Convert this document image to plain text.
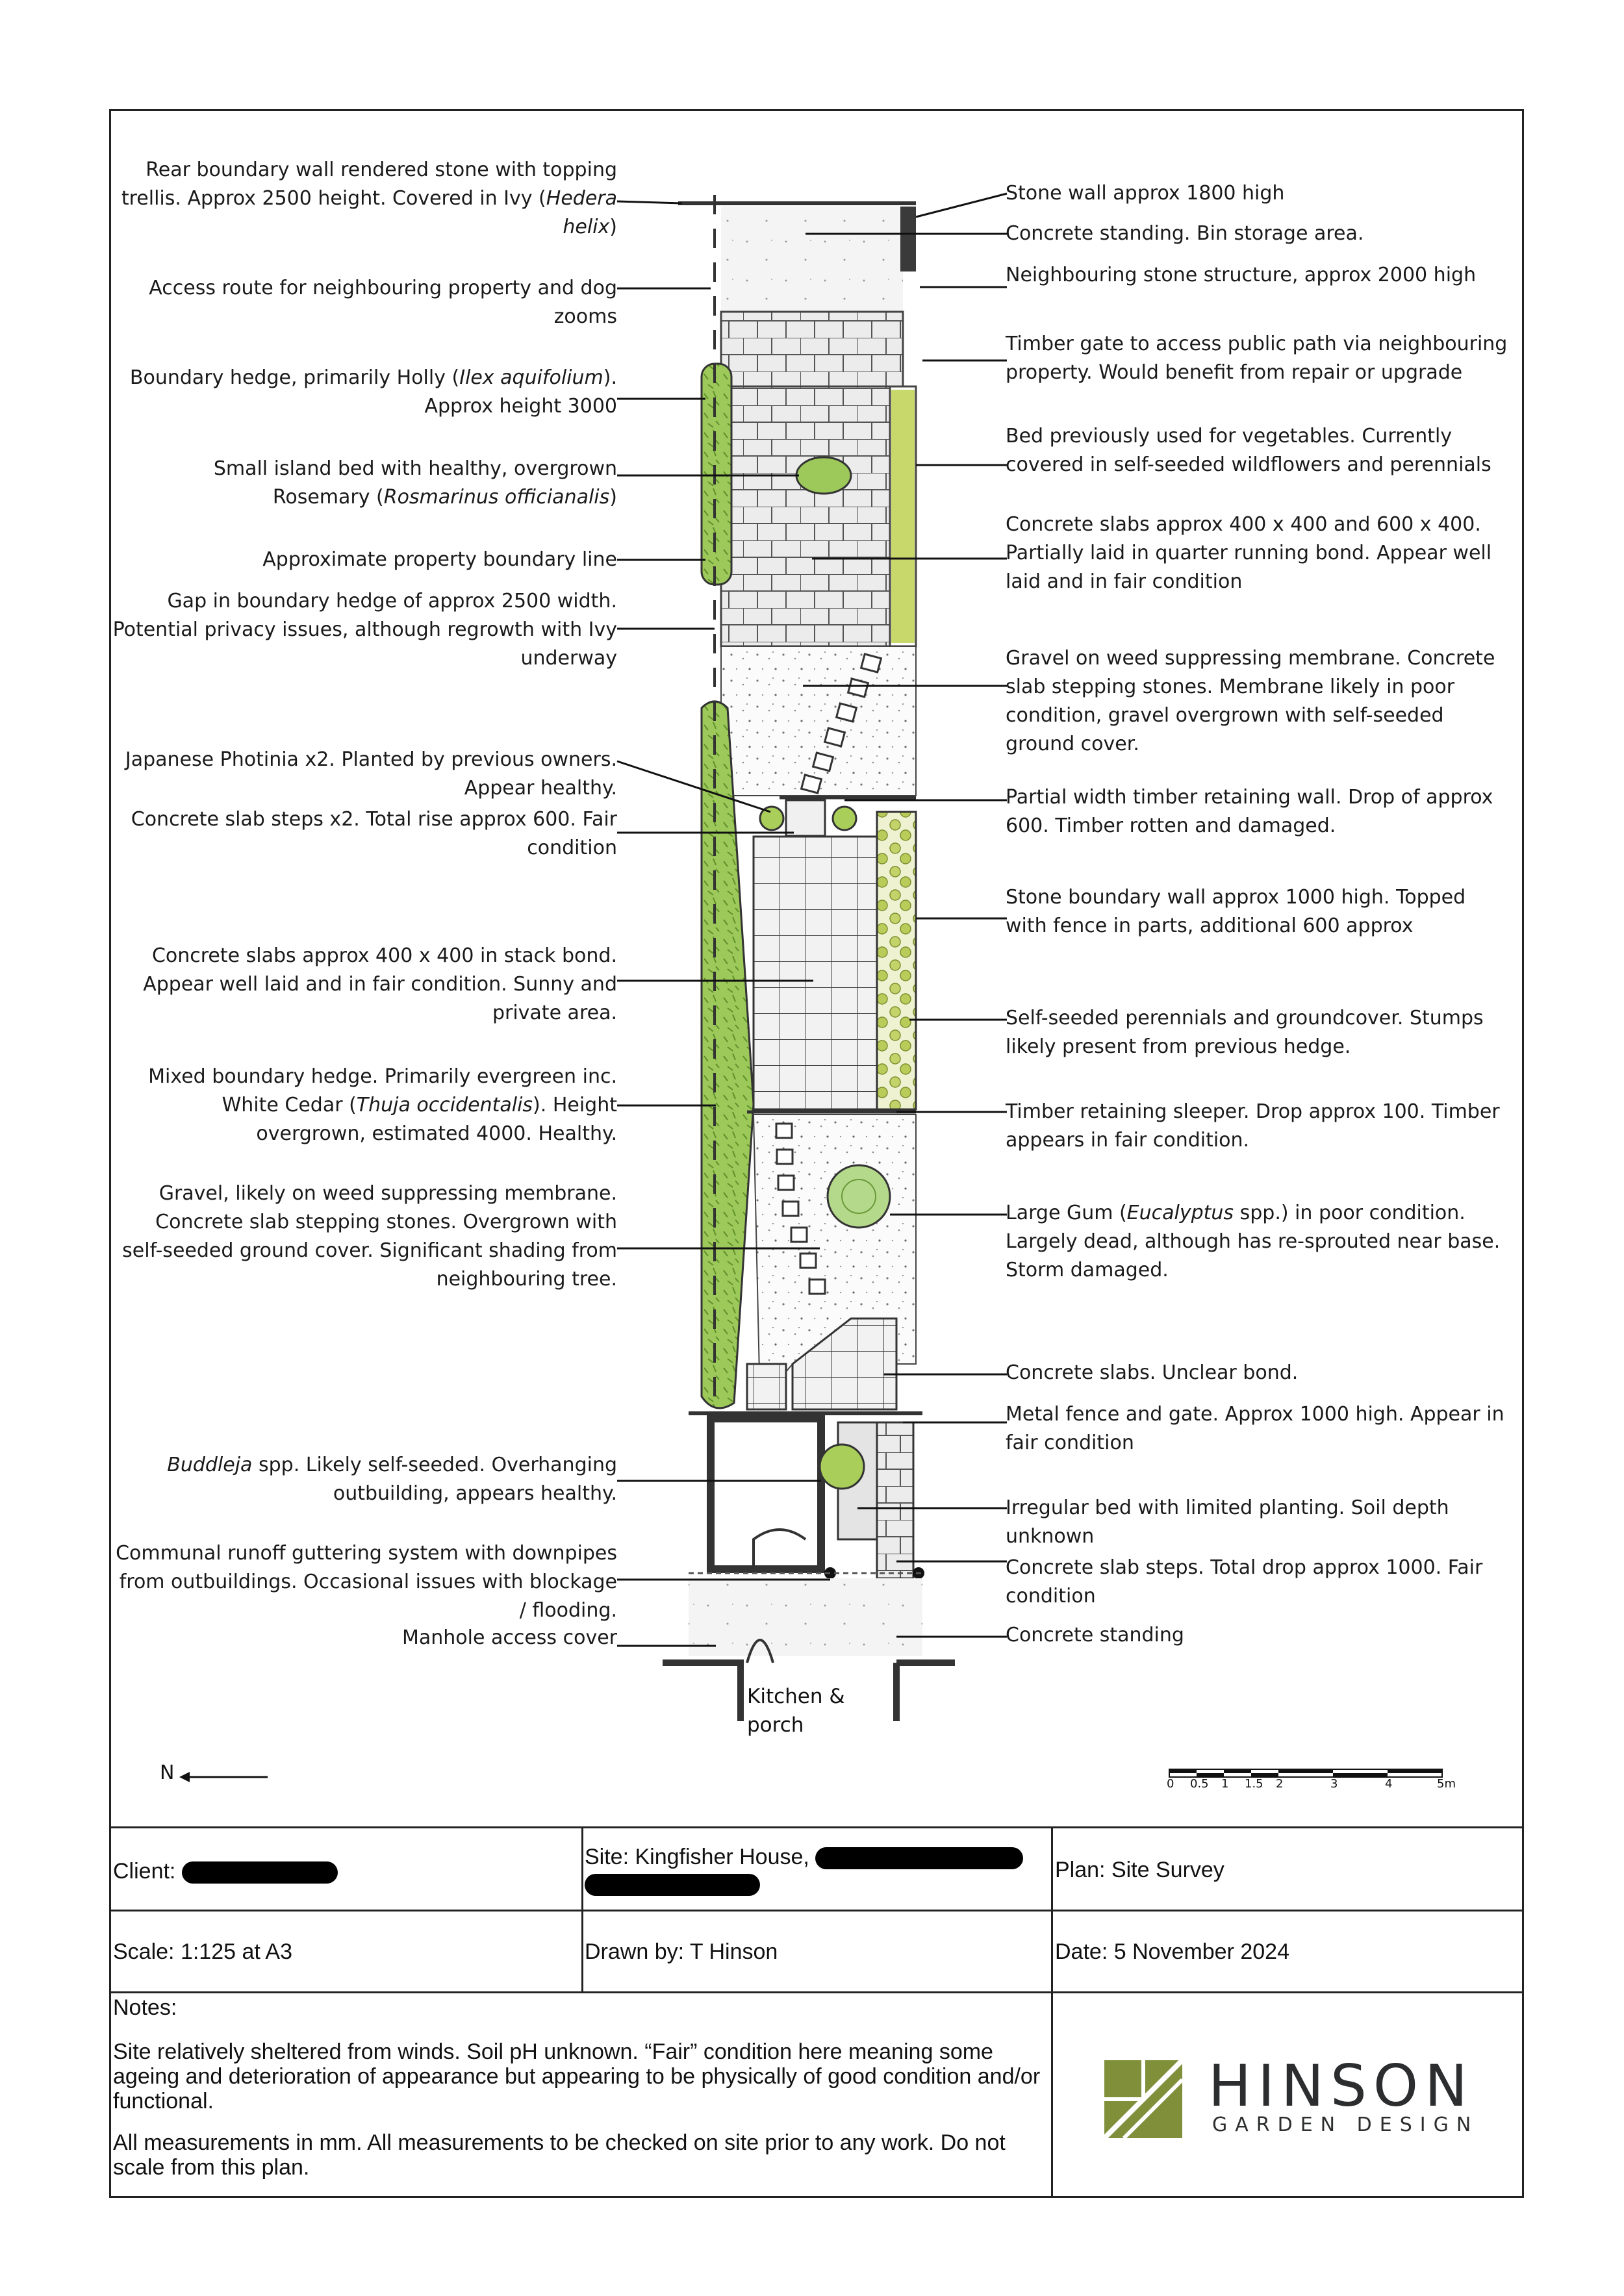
0 0.5 1 1.5 2	3	4	5m
Rear boundary wall rendered stone with topping trellis. Approx 2500 height. Covered in Ivy (Hedera helix)
Access route for neighbouring property and dog zooms
Boundary hedge, primarily Holly (Ilex aquifolium). Approx height 3000
Small island bed with healthy, overgrown Rosemary (Rosmarinus officianalis)
Approximate property boundary line
Gap in boundary hedge of approx 2500 width. Potential privacy issues, although regrowth with Ivy underway
Japanese Photinia x2. Planted by previous owners. Appear healthy.
Concrete slab steps x2. Total rise approx 600. Fair condition
Concrete slabs approx 400 x 400 in stack bond. Appear well laid and in fair condition. Sunny and private area.
Mixed boundary hedge. Primarily evergreen inc. White Cedar (Thuja occidentalis). Height overgrown, estimated 4000. Healthy.
Gravel, likely on weed suppressing membrane. Concrete slab stepping stones. Overgrown with self-seeded ground cover. Significant shading from neighbouring tree.
Buddleja spp. Likely self-seeded. Overhanging outbuilding, appears healthy.
Communal runoff guttering system with downpipes from outbuildings. Occasional issues with blockage / flooding.
Manhole access cover
Stone wall approx 1800 high
Concrete standing. Bin storage area.
Neighbouring stone structure, approx 2000 high
Timber gate to access public path via neighbouring property. Would benefit from repair or upgrade
Bed previously used for vegetables. Currently covered in self-seeded wildflowers and perennials
Concrete slabs approx 400 x 400 and 600 x 400. Partially laid in quarter running bond. Appear well laid and in fair condition
Gravel on weed suppressing membrane. Concrete slab stepping stones. Membrane likely in poor condition, gravel overgrown with self-seeded ground cover.
Partial width timber retaining wall. Drop of approx 600. Timber rotten and damaged.
Stone boundary wall approx 1000 high. Topped with fence in parts, additional 600 approx
Self-seeded perennials and groundcover. Stumps likely present from previous hedge.
Timber retaining sleeper. Drop approx 100. Timber appears in fair condition.
Large Gum (Eucalyptus spp.) in poor condition. Largely dead, although has re-sprouted near base. Storm damaged.
Concrete slabs. Unclear bond.
Metal fence and gate. Approx 1000 high. Appear in fair condition
Irregular bed with limited planting. Soil depth unknown
Concrete slab steps. Total drop approx 1000. Fair condition
Concrete standing
N
Kitchen & porch
Client:
Site: Kingfisher House,

Plan: Site Survey
Scale: 1:125 at A3	Drawn by: T Hinson	Date: 5 November 2024
Notes:

Site relatively sheltered from winds. Soil pH unknown. “Fair” condition here meaning some ageing and deterioration of appearance but appearing to be physically of good condition and/or functional.

All measurements in mm. All measurements to be checked on site prior to any work. Do not scale from this plan.

HINSON
GARDEN DESIGN
